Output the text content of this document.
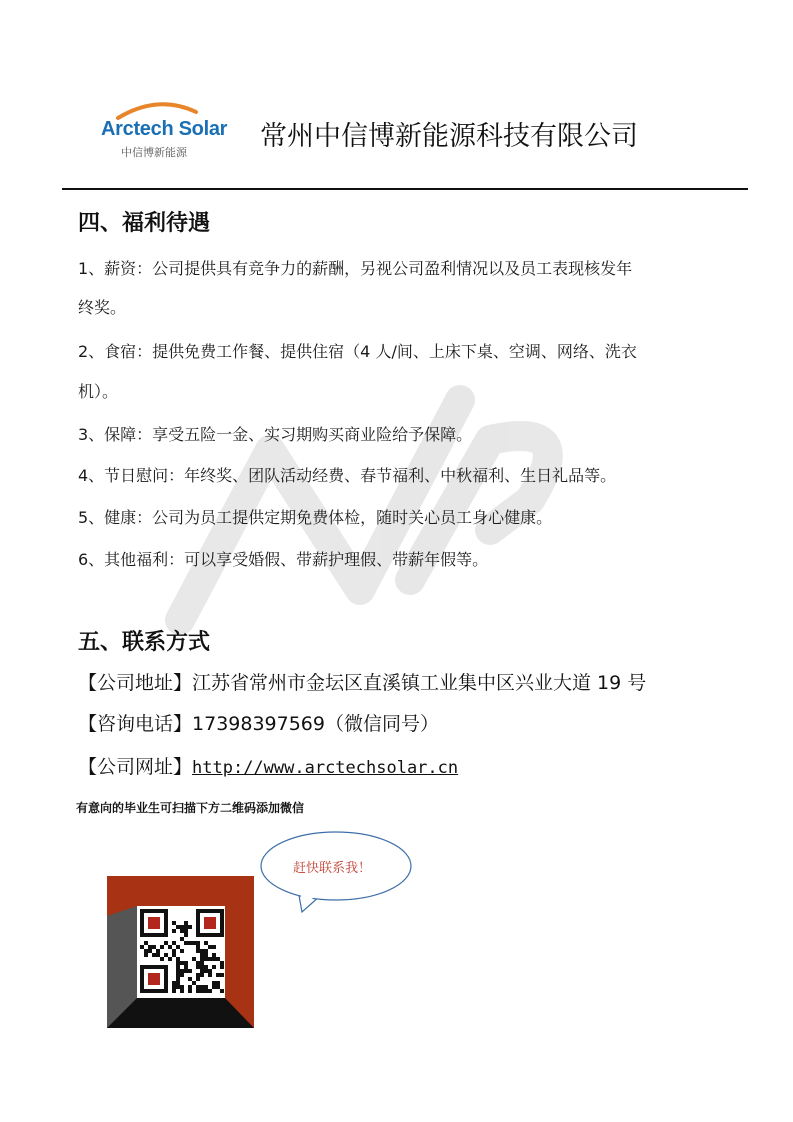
Arctech Solar
中信博新能源
常州中信博新能源科技有限公司
四、福利待遇
1、薪资：公司提供具有竞争力的薪酬，另视公司盈利情况以及员工表现核发年
终奖。
2、食宿：提供免费工作餐、提供住宿（4 人/间、上床下桌、空调、网络、洗衣
机）。
3、保障：享受五险一金、实习期购买商业险给予保障。
4、节日慰问：年终奖、团队活动经费、春节福利、中秋福利、生日礼品等。
5、健康：公司为员工提供定期免费体检，随时关心员工身心健康。
6、其他福利：可以享受婚假、带薪护理假、带薪年假等。
五、联系方式
【公司地址】江苏省常州市金坛区直溪镇工业集中区兴业大道 19 号
【咨询电话】17398397569（微信同号）
【公司网址】http://www.arctechsolar.cn
有意向的毕业生可扫描下方二维码添加微信
赶快联系我！
